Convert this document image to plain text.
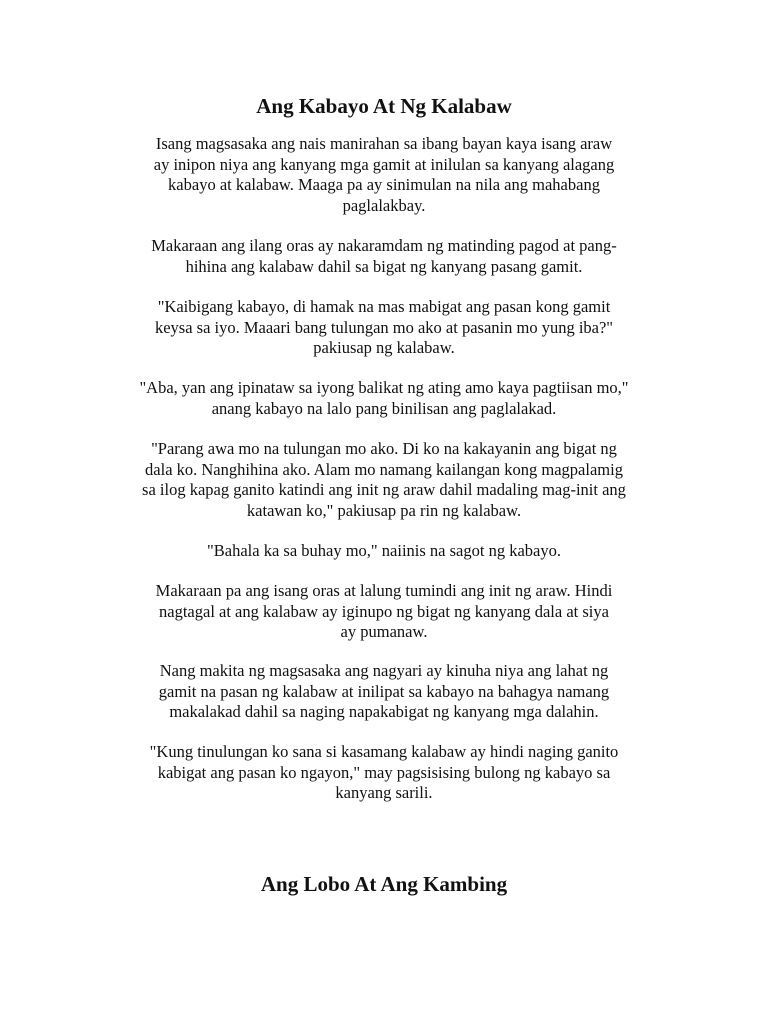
Ang Kabayo At Ng Kalabaw

Isang magsasaka ang nais manirahan sa ibang bayan kaya isang araw
ay inipon niya ang kanyang mga gamit at inilulan sa kanyang alagang
kabayo at kalabaw. Maaga pa ay sinimulan na nila ang mahabang
paglalakbay.

Makaraan ang ilang oras ay nakaramdam ng matinding pagod at pang-
hihina ang kalabaw dahil sa bigat ng kanyang pasang gamit.

"Kaibigang kabayo, di hamak na mas mabigat ang pasan kong gamit
keysa sa iyo. Maaari bang tulungan mo ako at pasanin mo yung iba?"
pakiusap ng kalabaw.

"Aba, yan ang ipinataw sa iyong balikat ng ating amo kaya pagtiisan mo,"
anang kabayo na lalo pang binilisan ang paglalakad.

"Parang awa mo na tulungan mo ako. Di ko na kakayanin ang bigat ng
dala ko. Nanghihina ako. Alam mo namang kailangan kong magpalamig
sa ilog kapag ganito katindi ang init ng araw dahil madaling mag-init ang
katawan ko," pakiusap pa rin ng kalabaw.

"Bahala ka sa buhay mo," naiinis na sagot ng kabayo.

Makaraan pa ang isang oras at lalung tumindi ang init ng araw. Hindi
nagtagal at ang kalabaw ay iginupo ng bigat ng kanyang dala at siya
ay pumanaw.

Nang makita ng magsasaka ang nagyari ay kinuha niya ang lahat ng
gamit na pasan ng kalabaw at inilipat sa kabayo na bahagya namang
makalakad dahil sa naging napakabigat ng kanyang mga dalahin.

"Kung tinulungan ko sana si kasamang kalabaw ay hindi naging ganito
kabigat ang pasan ko ngayon," may pagsisising bulong ng kabayo sa
kanyang sarili.

Ang Lobo At Ang Kambing
